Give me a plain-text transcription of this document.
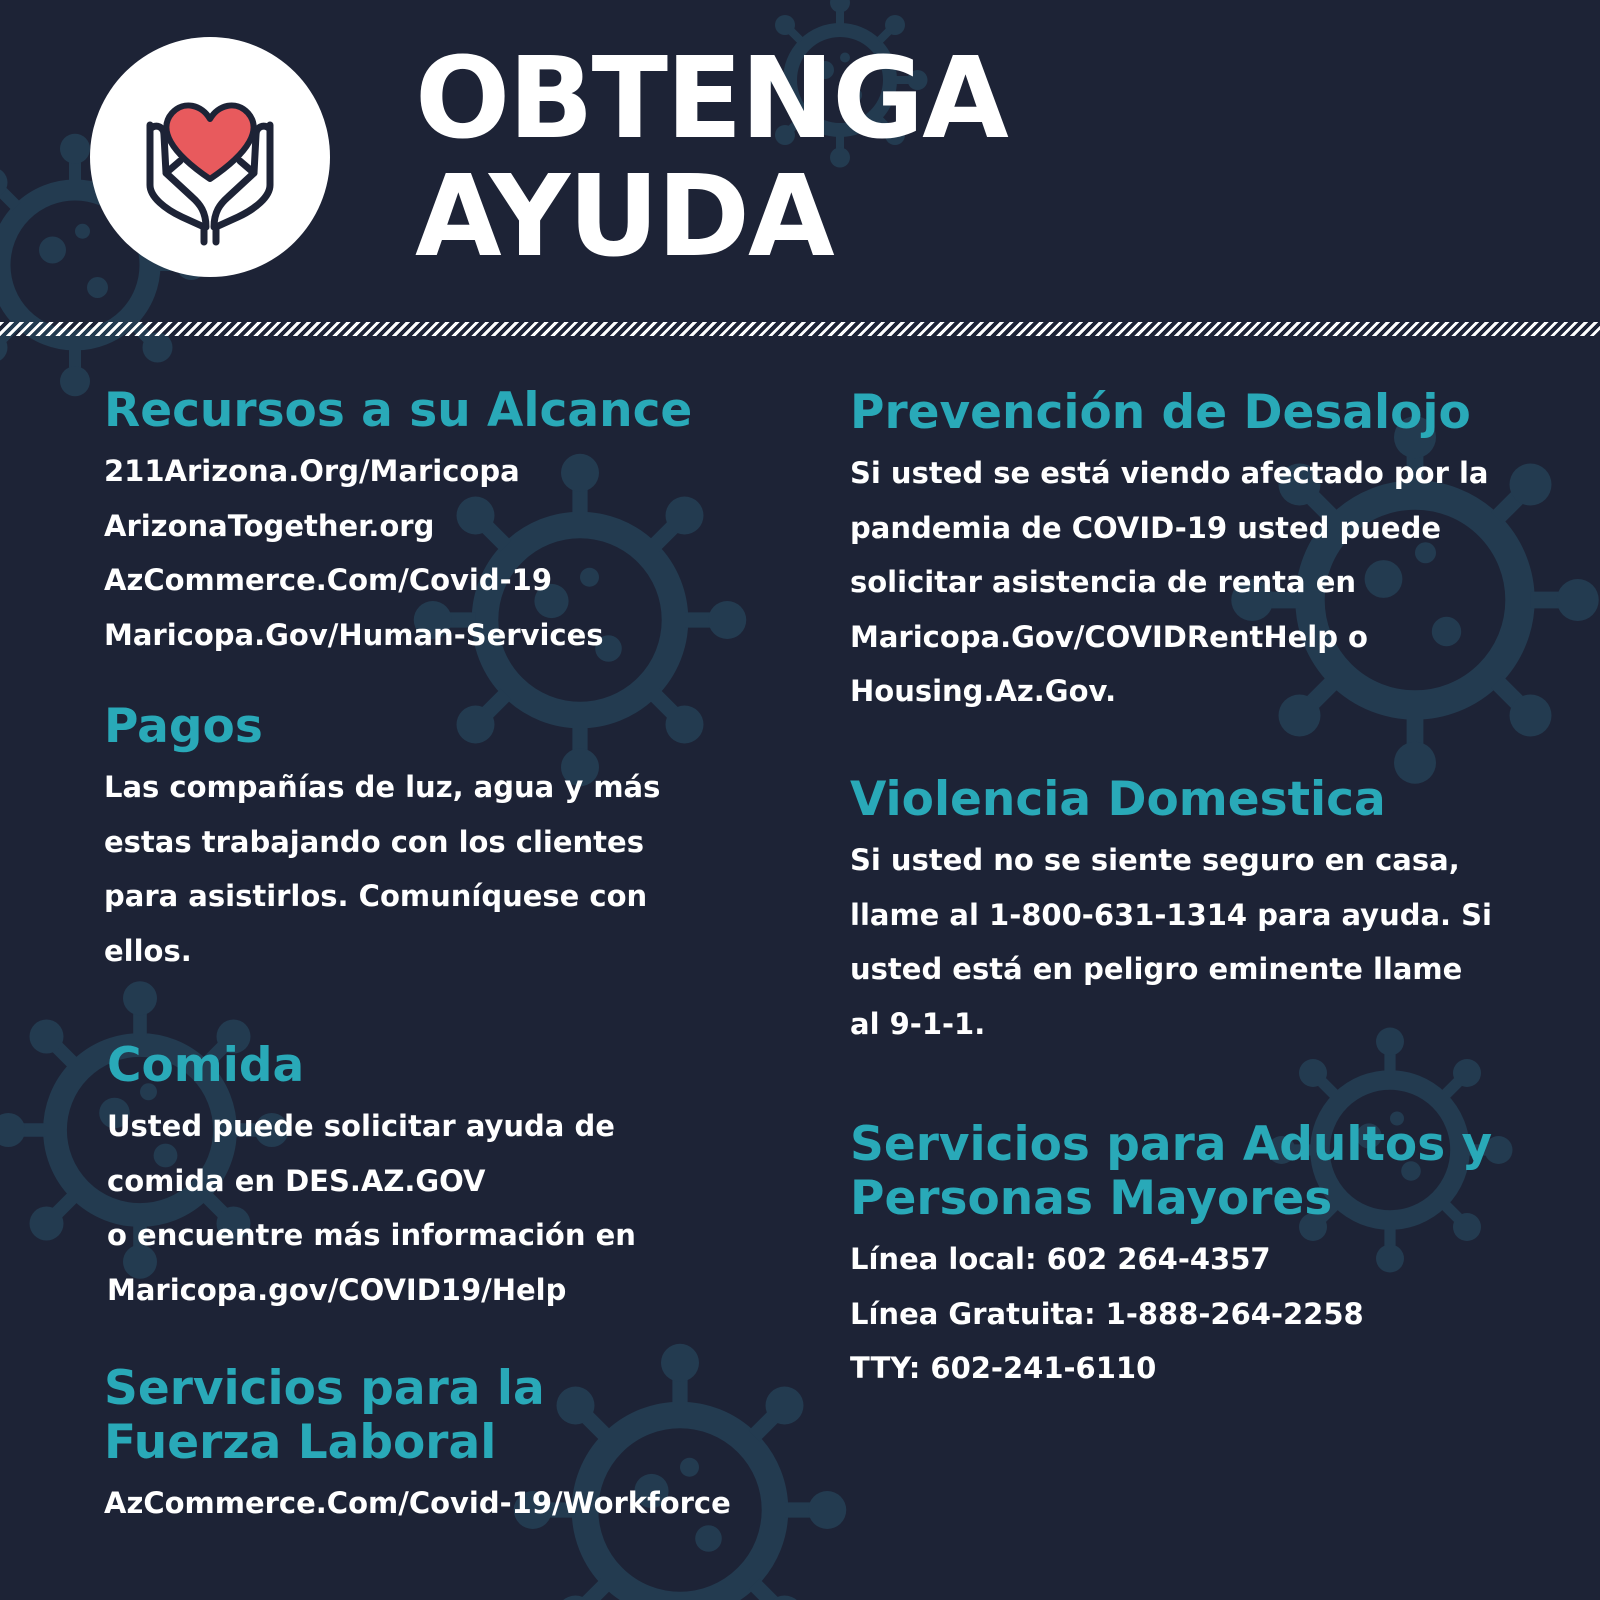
OBTENGA
AYUDA
Recursos a su Alcance
211Arizona.Org/Maricopa
ArizonaTogether.org
AzCommerce.Com/Covid-19
Maricopa.Gov/Human-Services
Pagos
Las compañías de luz, agua y más
estas trabajando con los clientes
para asistirlos. Comuníquese con
ellos.
Comida
Usted puede solicitar ayuda de
comida en DES.AZ.GOV
o encuentre más información en
Maricopa.gov/COVID19/Help
Servicios para la
Fuerza Laboral
AzCommerce.Com/Covid-19/Workforce
Prevención de Desalojo
Si usted se está viendo afectado por la
pandemia de COVID-19 usted puede
solicitar asistencia de renta en
Maricopa.Gov/COVIDRentHelp o
Housing.Az.Gov.
Violencia Domestica
Si usted no se siente seguro en casa,
llame al 1-800-631-1314 para ayuda. Si
usted está en peligro eminente llame
al 9-1-1.
Servicios para Adultos y
Personas Mayores
Línea local: 602 264-4357
Línea Gratuita: 1-888-264-2258
TTY: 602-241-6110
